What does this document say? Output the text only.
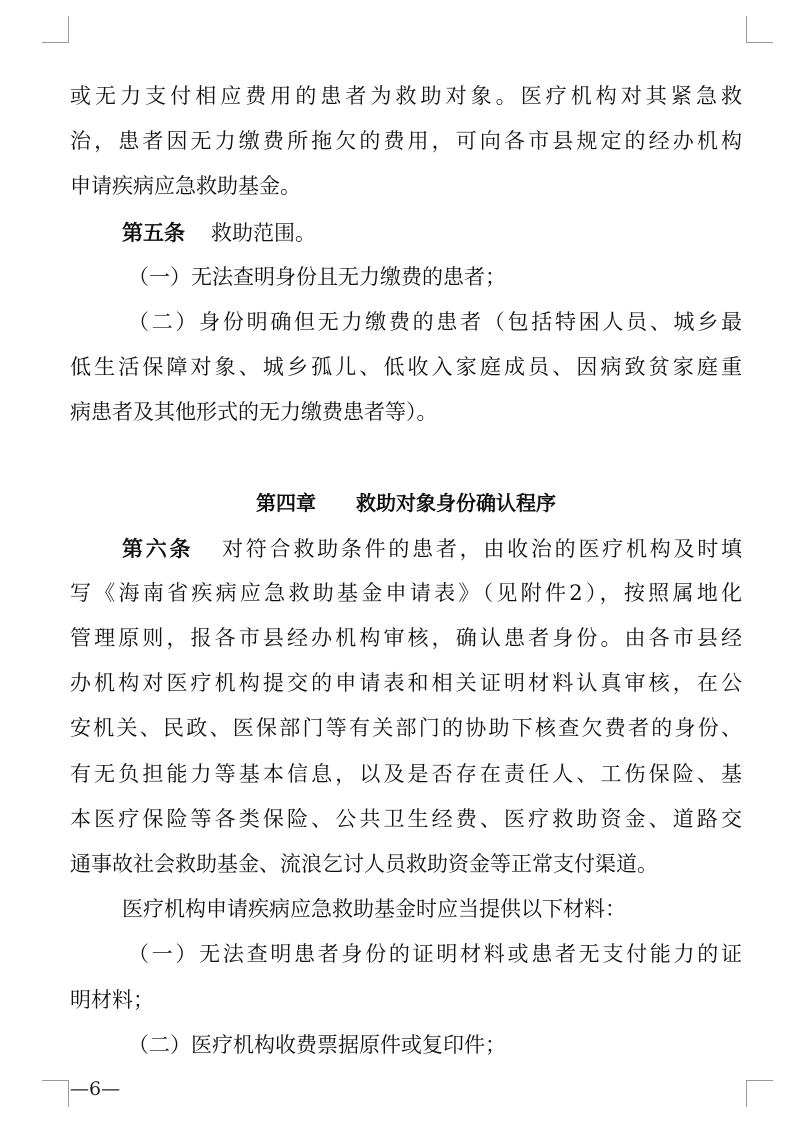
或无力支付相应费用的患者为救助对象。医疗机构对其紧急救
治，患者因无力缴费所拖欠的费用，可向各市县规定的经办机构
申请疾病应急救助基金。
第五条 救助范围。
（一）无法查明身份且无力缴费的患者；
（二）身份明确但无力缴费的患者（包括特困人员、城乡最
低生活保障对象、城乡孤儿、低收入家庭成员、因病致贫家庭重
病患者及其他形式的无力缴费患者等）。
第四章 救助对象身份确认程序
第六条 对符合救助条件的患者，由收治的医疗机构及时填
写《海南省疾病应急救助基金申请表》（见附件2），按照属地化
管理原则，报各市县经办机构审核，确认患者身份。由各市县经
办机构对医疗机构提交的申请表和相关证明材料认真审核，在公
安机关、民政、医保部门等有关部门的协助下核查欠费者的身份、
有无负担能力等基本信息，以及是否存在责任人、工伤保险、基
本医疗保险等各类保险、公共卫生经费、医疗救助资金、道路交
通事故社会救助基金、流浪乞讨人员救助资金等正常支付渠道。
医疗机构申请疾病应急救助基金时应当提供以下材料：
（一）无法查明患者身份的证明材料或患者无支付能力的证
明材料；
（二）医疗机构收费票据原件或复印件；
—6—
